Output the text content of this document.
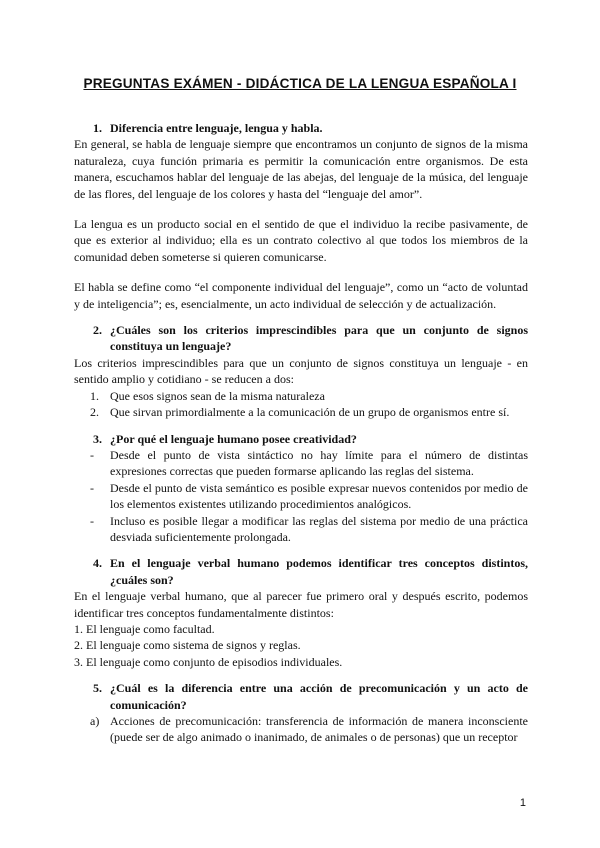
PREGUNTAS EXÁMEN - DIDÁCTICA DE LA LENGUA ESPAÑOLA I
1. Diferencia entre lenguaje, lengua y habla.

En general, se habla de lenguaje siempre que encontramos un conjunto de signos de la misma naturaleza, cuya función primaria es permitir la comunicación entre organismos. De esta manera, escuchamos hablar del lenguaje de las abejas, del lenguaje de la música, del lenguaje de las flores, del lenguaje de los colores y hasta del “lenguaje del amor”.

La lengua es un producto social en el sentido de que el individuo la recibe pasivamente, de que es exterior al individuo; ella es un contrato colectivo al que todos los miembros de la comunidad deben someterse si quieren comunicarse.

El habla se define como “el componente individual del lenguaje”, como un “acto de voluntad y de inteligencia”; es, esencialmente, un acto individual de selección y de actualización.

2. ¿Cuáles son los criterios imprescindibles para que un conjunto de signos constituya un lenguaje?

Los criterios imprescindibles para que un conjunto de signos constituya un lenguaje - en sentido amplio y cotidiano - se reducen a dos:

1. Que esos signos sean de la misma naturaleza
2. Que sirvan primordialmente a la comunicación de un grupo de organismos entre sí.
3. ¿Por qué el lenguaje humano posee creatividad?
- Desde el punto de vista sintáctico no hay límite para el número de distintas expresiones correctas que pueden formarse aplicando las reglas del sistema.
- Desde el punto de vista semántico es posible expresar nuevos contenidos por medio de los elementos existentes utilizando procedimientos analógicos.
- Incluso es posible llegar a modificar las reglas del sistema por medio de una práctica desviada suficientemente prolongada.
4. En el lenguaje verbal humano podemos identificar tres conceptos distintos, ¿cuáles son?

En el lenguaje verbal humano, que al parecer fue primero oral y después escrito, podemos identificar tres conceptos fundamentalmente distintos:

1. El lenguaje como facultad.

2. El lenguaje como sistema de signos y reglas.

3. El lenguaje como conjunto de episodios individuales.

5. ¿Cuál es la diferencia entre una acción de precomunicación y un acto de comunicación?
a) Acciones de precomunicación: transferencia de información de manera inconsciente (puede ser de algo animado o inanimado, de animales o de personas) que un receptor
1
